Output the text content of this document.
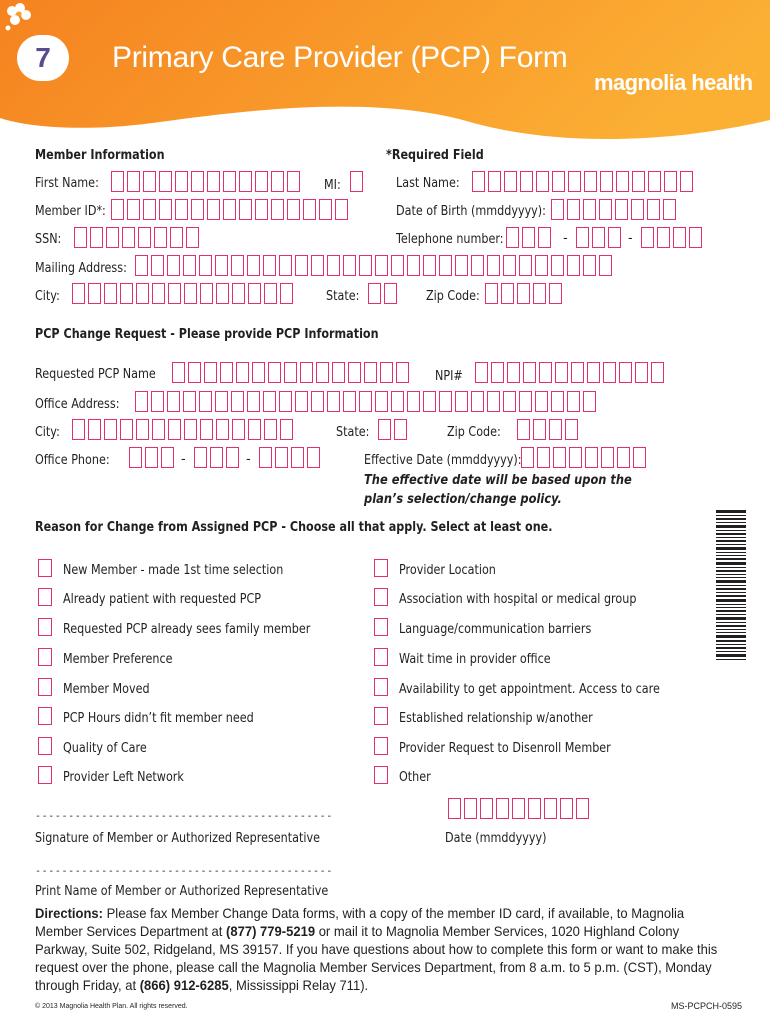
7	Primary Care Provider (PCP) Form
magnolia health.
Member Information	*Required Field
First Name:	MI:	Last Name:
Member ID*:	Date of Birth (mmddyyyy):
SSN:	Telephone number:	-	-
Mailing Address:
City:	State:	Zip Code:
PCP Change Request - Please provide PCP Information
Requested PCP Name	NPI#
Office Address:
City:	State:	Zip Code:
Office Phone:	-	-	Effective Date (mmddyyyy):
The effective date will be based upon the
plan’s selection/change policy.
Reason for Change from Assigned PCP - Choose all that apply. Select at least one.
New Member - made 1st time selection
Already patient with requested PCP
Requested PCP already sees family member
Member Preference
Member Moved
PCP Hours didn’t fit member need
Quality of Care
Provider Left Network
Provider Location
Association with hospital or medical group
Language/communication barriers
Wait time in provider office
Availability to get appointment. Access to care
Established relationship w/another
Provider Request to Disenroll Member
Other
---------------------------------------------
Signature of Member or Authorized Representative	Date (mmddyyyy)
---------------------------------------------
Print Name of Member or Authorized Representative
Directions: Please fax Member Change Data forms, with a copy of the member ID card, if available, to Magnolia Member Services Department at (877) 779-5219 or mail it to Magnolia Member Services, 1020 Highland Colony Parkway, Suite 502, Ridgeland, MS 39157. If you have questions about how to complete this form or want to make this request over the phone, please call the Magnolia Member Services Department, from 8 a.m. to 5 p.m. (CST), Monday through Friday, at (866) 912-6285, Mississippi Relay 711).
© 2013 Magnolia Health Plan. All rights reserved.	MS-PCPCH-0595
